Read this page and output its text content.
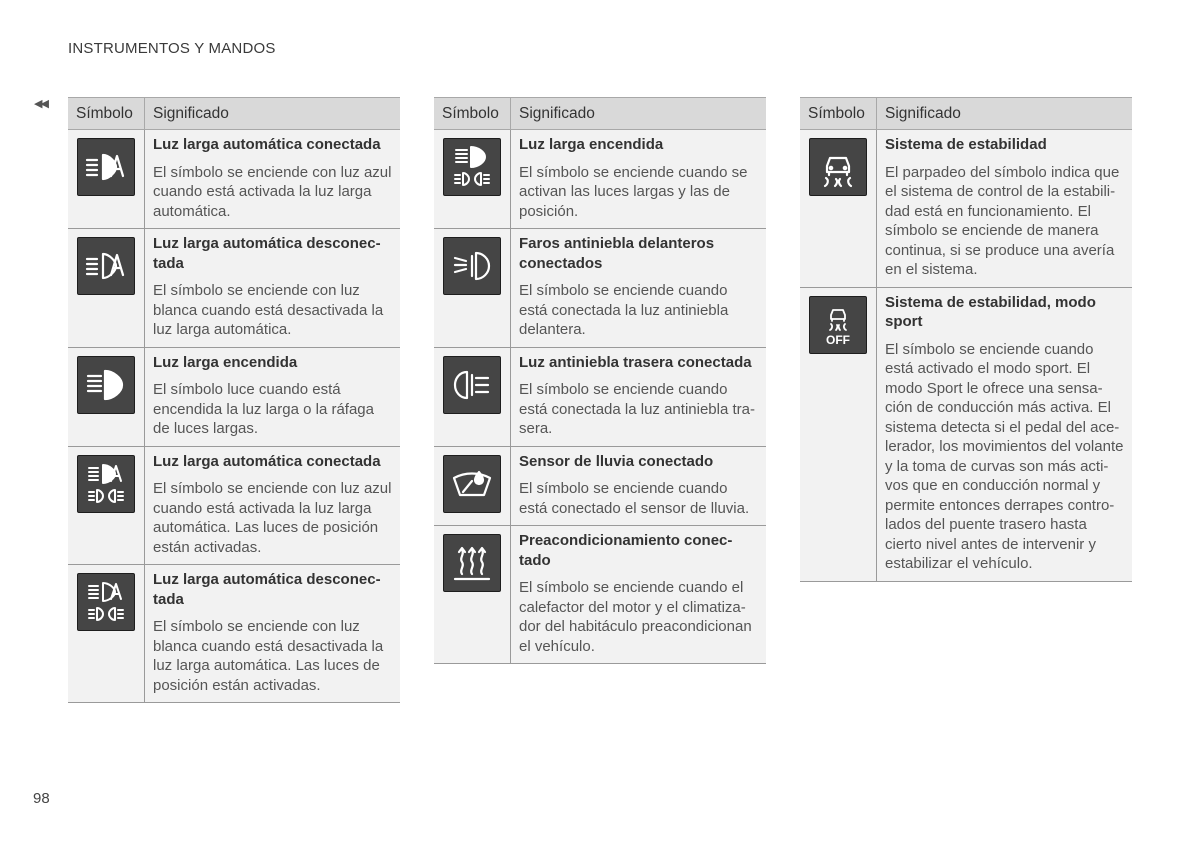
INSTRUMENTOS Y MANDOS
◀◀
98
Símbolo	Significado

Luz larga automática conectada
El símbolo se enciende con luz azul cuando está activada la luz larga automática.

Luz larga automática desconec-tada
El símbolo se enciende con luz blanca cuando está desactivada la luz larga automática.

Luz larga encendida
El símbolo luce cuando está encendida la luz larga o la ráfaga de luces largas.

Luz larga automática conectada
El símbolo se enciende con luz azul cuando está activada la luz larga automática. Las luces de posición están activadas.

Luz larga automática desconec-tada
El símbolo se enciende con luz blanca cuando está desactivada la luz larga automática. Las luces de posición están activadas.
Símbolo	Significado

Luz larga encendida
El símbolo se enciende cuando se activan las luces largas y las de posición.

Faros antiniebla delanteros conectados
El símbolo se enciende cuando está conectada la luz antiniebla delantera.

Luz antiniebla trasera conectada
El símbolo se enciende cuando está conectada la luz antiniebla tra-sera.

Sensor de lluvia conectado
El símbolo se enciende cuando está conectado el sensor de lluvia.

Preacondicionamiento conec-tado
El símbolo se enciende cuando el calefactor del motor y el climatiza-dor del habitáculo preacondicionan el vehículo.
Símbolo	Significado

Sistema de estabilidad
El parpadeo del símbolo indica que el sistema de control de la estabili-dad está en funcionamiento. El símbolo se enciende de manera continua, si se produce una avería en el sistema.

OFF	Sistema de estabilidad, modo sport
El símbolo se enciende cuando está activado el modo sport. El modo Sport le ofrece una sensa-ción de conducción más activa. El sistema detecta si el pedal del ace-lerador, los movimientos del volante y la toma de curvas son más acti-vos que en conducción normal y permite entonces derrapes contro-lados del puente trasero hasta cierto nivel antes de intervenir y estabilizar el vehículo.
